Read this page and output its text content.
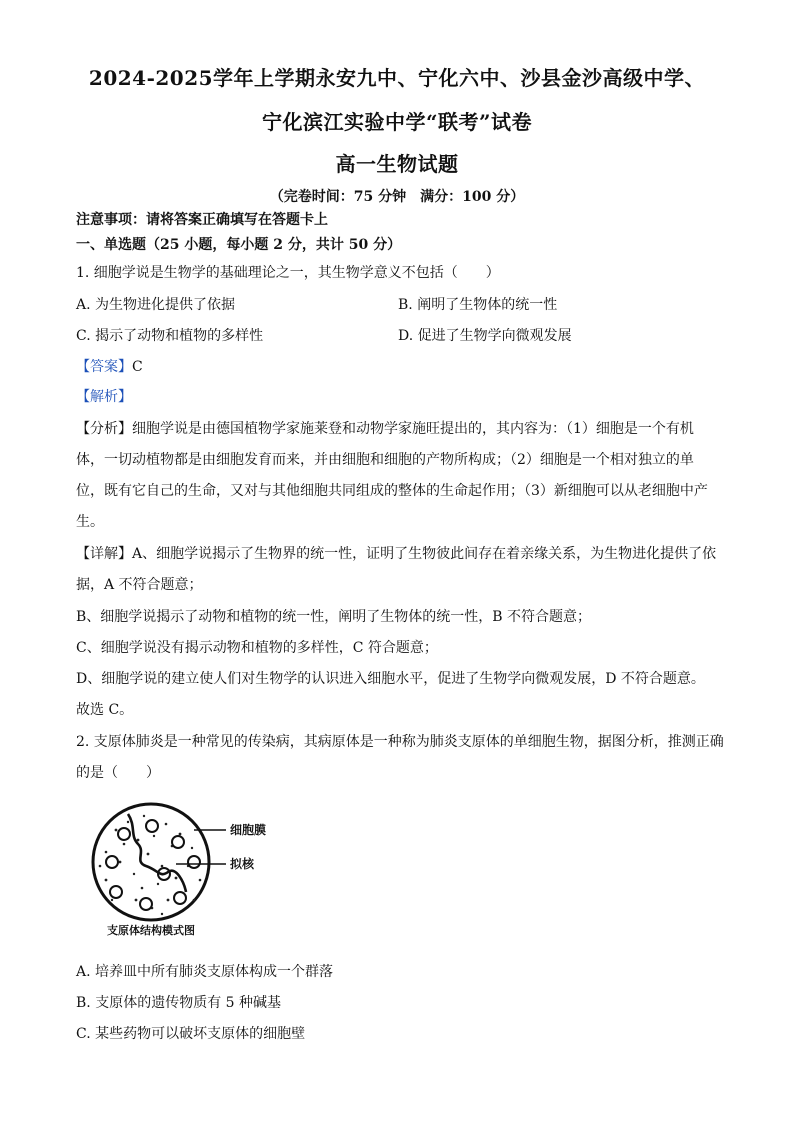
2024-2025学年上学期永安九中、宁化六中、沙县金沙高级中学、
宁化滨江实验中学“联考”试卷
高一生物试题
（完卷时间：75 分钟　满分：100 分）
注意事项：请将答案正确填写在答题卡上
一、单选题（25 小题，每小题 2 分，共计 50 分）
1. 细胞学说是生物学的基础理论之一，其生物学意义不包括（　　）
A. 为生物进化提供了依据	B. 阐明了生物体的统一性
C. 揭示了动物和植物的多样性	D. 促进了生物学向微观发展
【答案】C
【解析】
【分析】细胞学说是由德国植物学家施莱登和动物学家施旺提出的，其内容为：（1）细胞是一个有机
体，一切动植物都是由细胞发育而来，并由细胞和细胞的产物所构成；（2）细胞是一个相对独立的单
位，既有它自己的生命，又对与其他细胞共同组成的整体的生命起作用；（3）新细胞可以从老细胞中产
生。
【详解】A、细胞学说揭示了生物界的统一性，证明了生物彼此间存在着亲缘关系，为生物进化提供了依
据，A 不符合题意；
B、细胞学说揭示了动物和植物的统一性，阐明了生物体的统一性，B 不符合题意；
C、细胞学说没有揭示动物和植物的多样性，C 符合题意；
D、细胞学说的建立使人们对生物学的认识进入细胞水平，促进了生物学向微观发展，D 不符合题意。
故选 C。
2. 支原体肺炎是一种常见的传染病，其病原体是一种称为肺炎支原体的单细胞生物，据图分析，推测正确
的是（　　）
细胞膜
拟核
支原体结构模式图
A. 培养皿中所有肺炎支原体构成一个群落
B. 支原体的遗传物质有 5 种碱基
C. 某些药物可以破坏支原体的细胞壁
